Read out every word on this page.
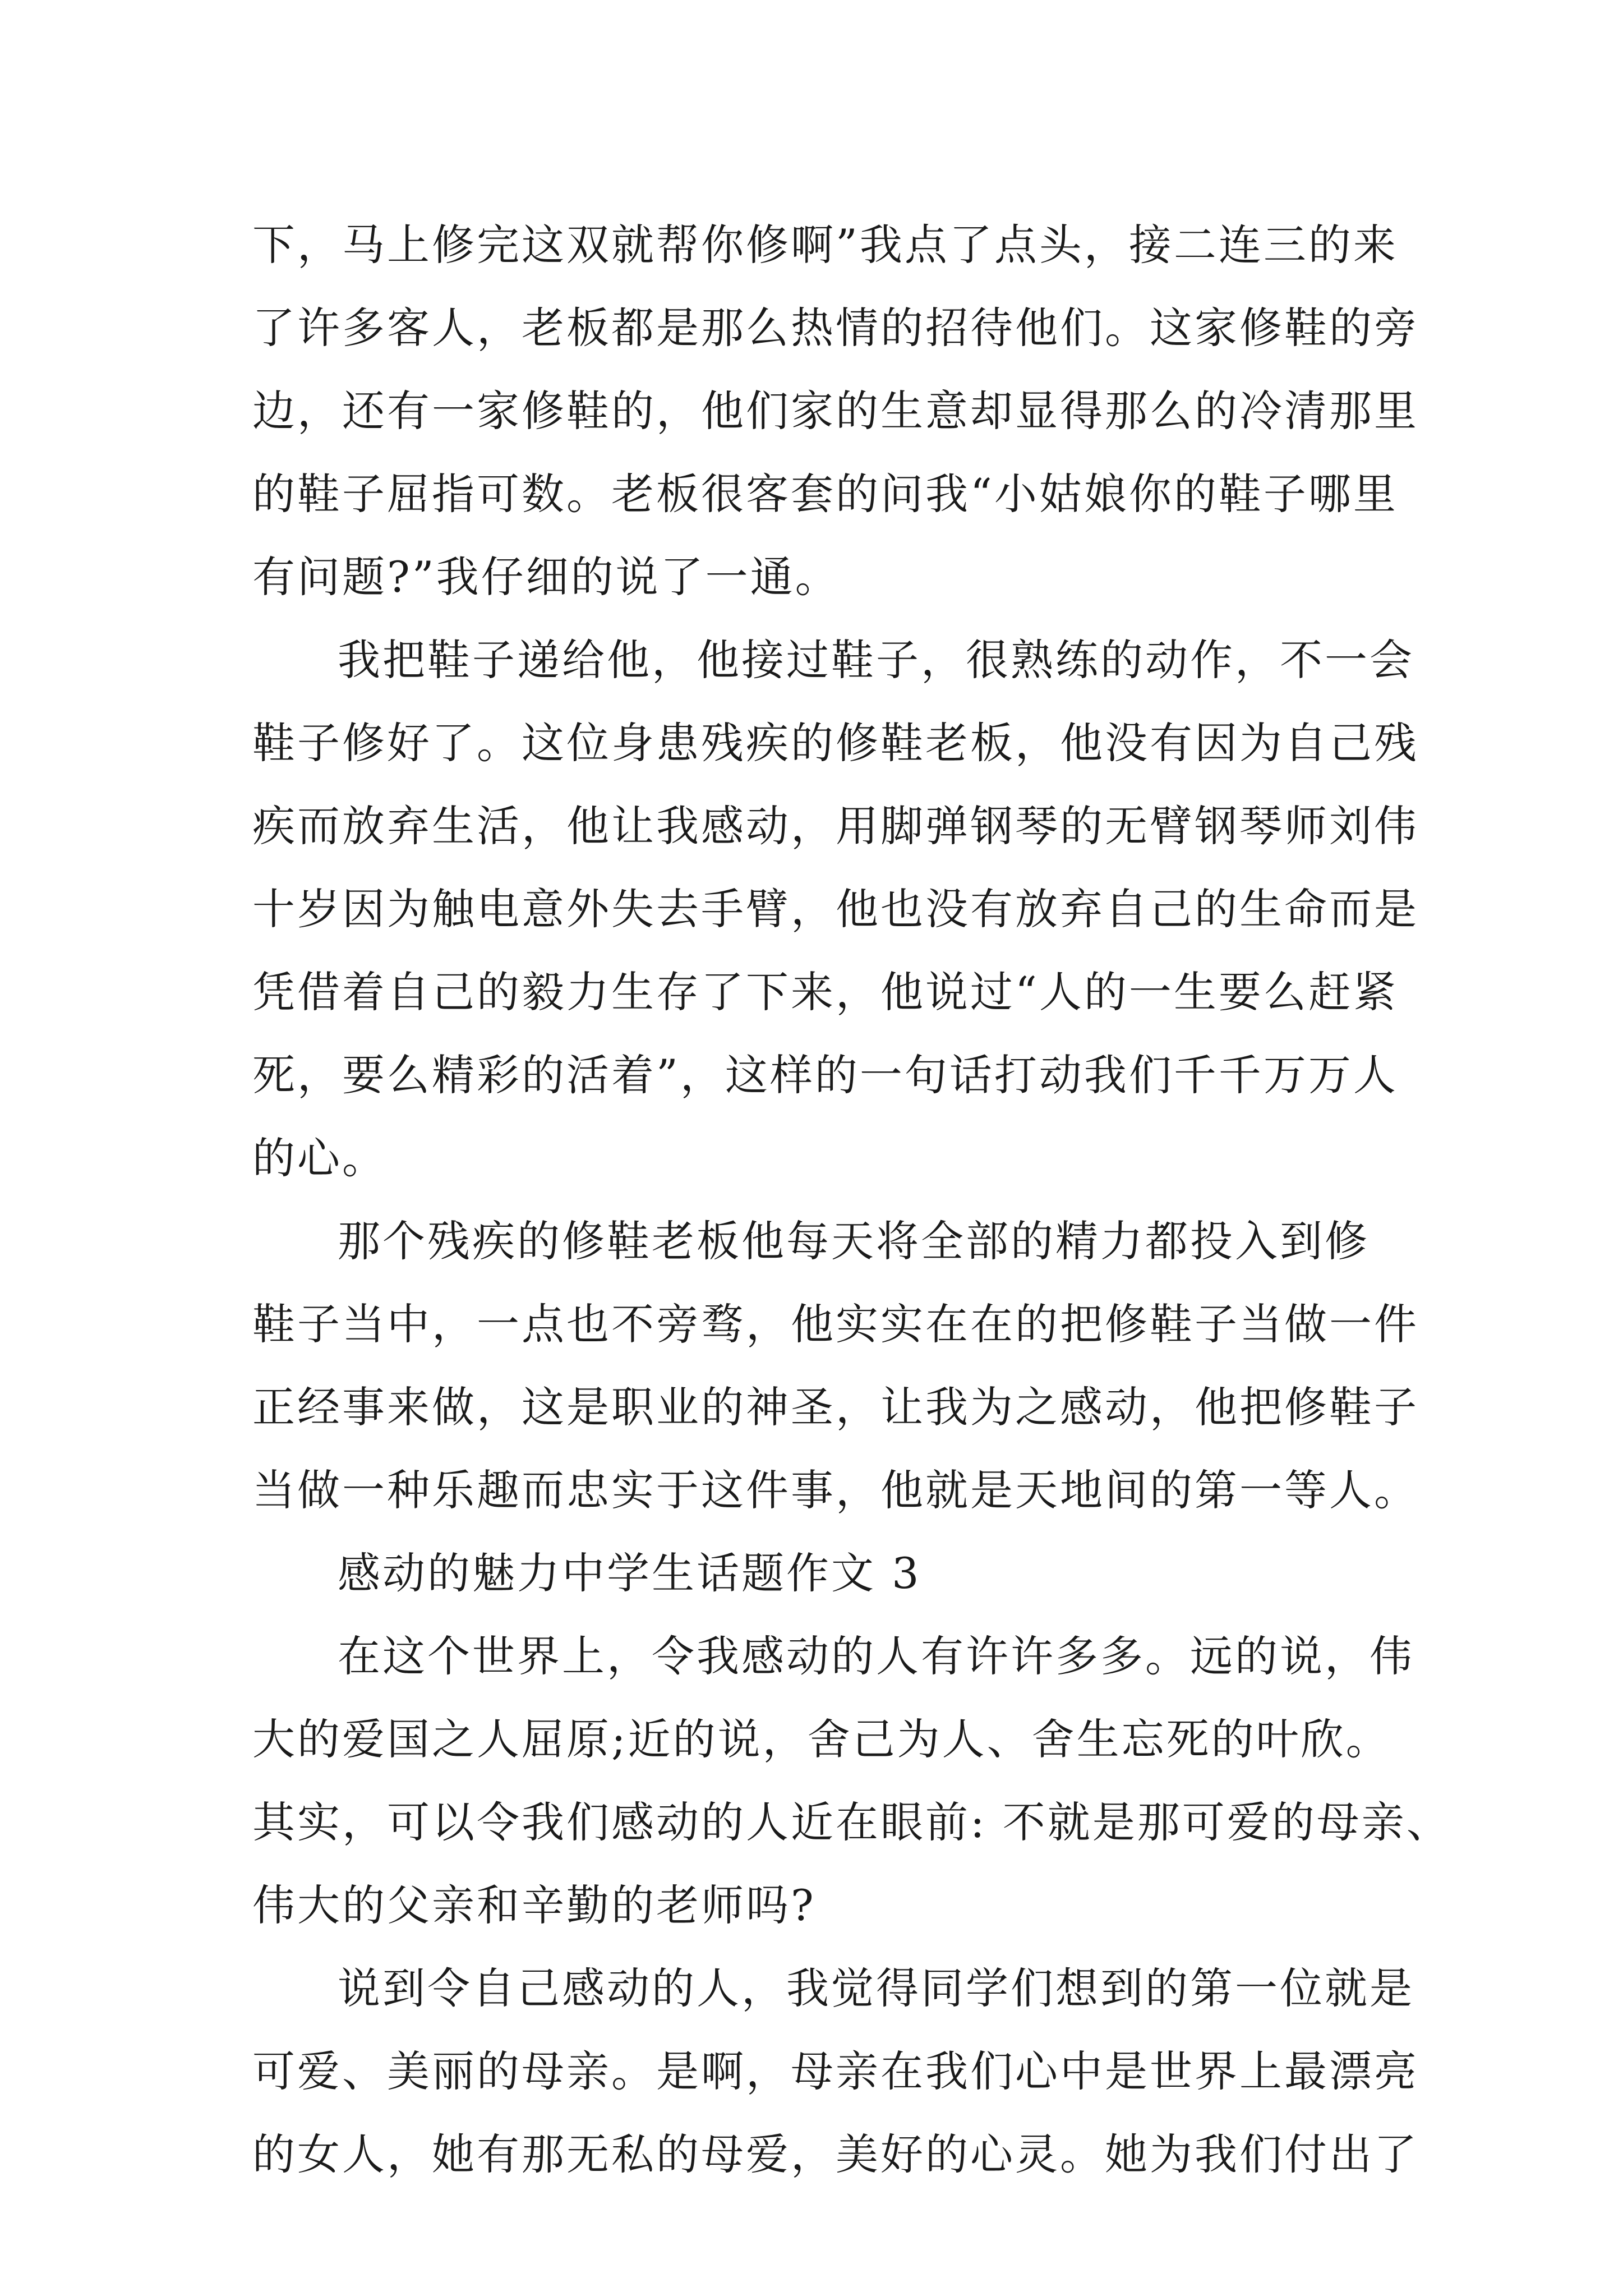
下，马上修完这双就帮你修啊”我点了点头，接二连三的来
了许多客人，老板都是那么热情的招待他们。这家修鞋的旁
边，还有一家修鞋的，他们家的生意却显得那么的冷清那里
的鞋子屈指可数。老板很客套的问我“小姑娘你的鞋子哪里
有问题?”我仔细的说了一通。
我把鞋子递给他，他接过鞋子，很熟练的动作，不一会
鞋子修好了。这位身患残疾的修鞋老板，他没有因为自己残
疾而放弃生活，他让我感动，用脚弹钢琴的无臂钢琴师刘伟
十岁因为触电意外失去手臂，他也没有放弃自己的生命而是
凭借着自己的毅力生存了下来，他说过“人的一生要么赶紧
死，要么精彩的活着”，这样的一句话打动我们千千万万人
的心。
那个残疾的修鞋老板他每天将全部的精力都投入到修
鞋子当中，一点也不旁骛，他实实在在的把修鞋子当做一件
正经事来做，这是职业的神圣，让我为之感动，他把修鞋子
当做一种乐趣而忠实于这件事，他就是天地间的第一等人。
感动的魅力中学生话题作文 3
在这个世界上，令我感动的人有许许多多。远的说，伟
大的爱国之人屈原;近的说，舍己为人、舍生忘死的叶欣。
其实，可以令我们感动的人近在眼前: 不就是那可爱的母亲、
伟大的父亲和辛勤的老师吗?
说到令自己感动的人，我觉得同学们想到的第一位就是
可爱、美丽的母亲。是啊，母亲在我们心中是世界上最漂亮
的女人，她有那无私的母爱，美好的心灵。她为我们付出了
